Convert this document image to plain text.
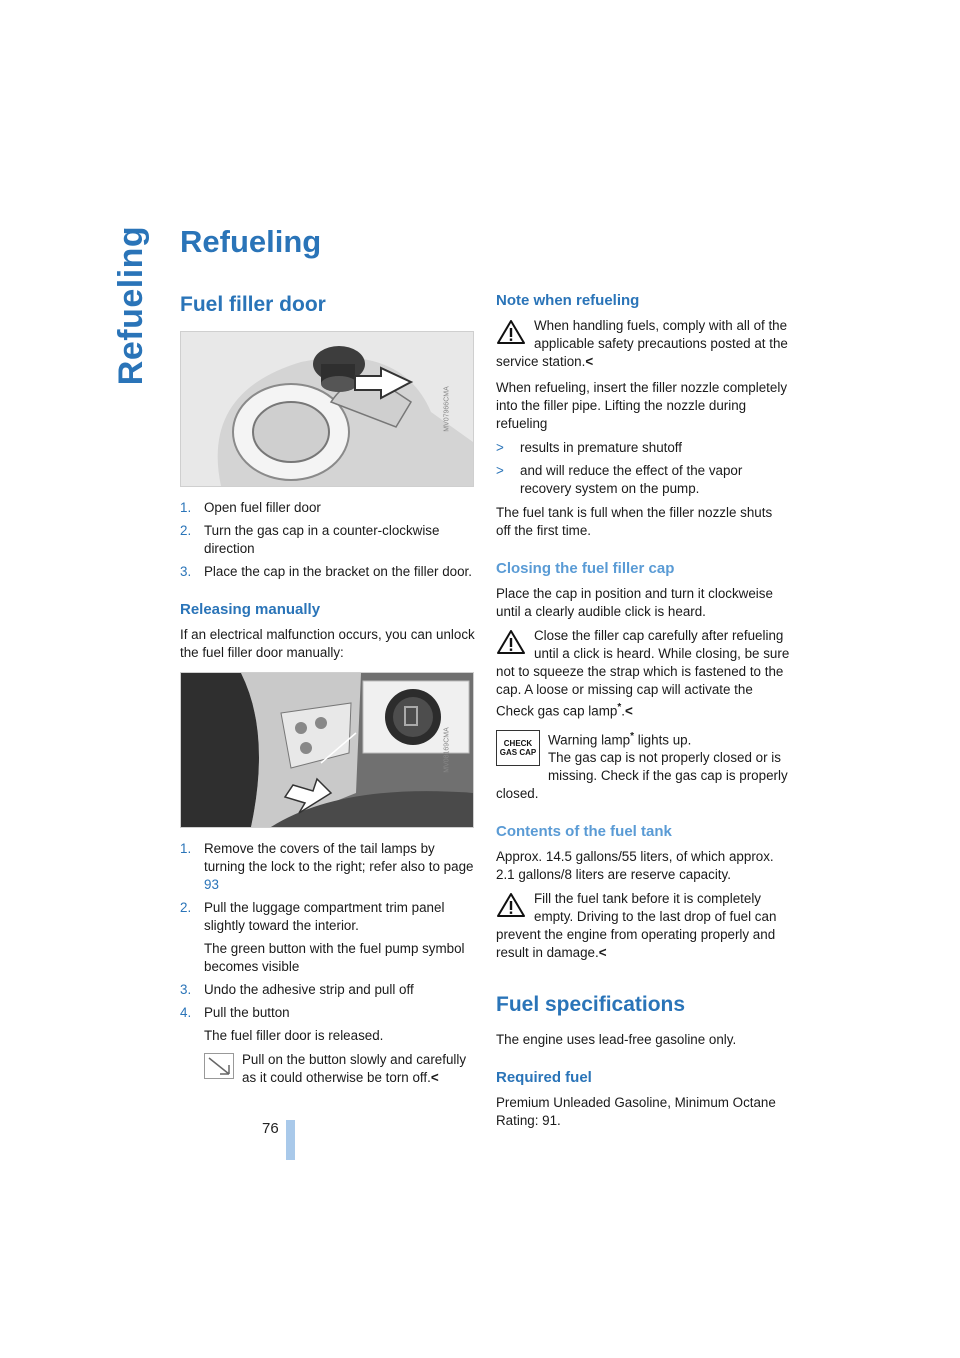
Refueling Refueling
Fuel filler door
MV07966CMA
1. Open fuel filler door
2. Turn the gas cap in a counter-clockwise direction
3. Place the cap in the bracket on the filler door.
Releasing manually

If an electrical malfunction occurs, you can unlock the fuel filler door manually:

MV08169CMA
1. Remove the covers of the tail lamps by turning the lock to the right; refer also to page 93
2. Pull the luggage compartment trim panel slightly toward the interior.
The green button with the fuel pump symbol becomes visible
3. Undo the adhesive strip and pull off
4. Pull the button
The fuel filler door is released.
Pull on the button slowly and carefully as it could otherwise be torn off.<
Note when refueling
When handling fuels, comply with all of the applicable safety precautions posted at the service station.<

When refueling, insert the filler nozzle completely into the filler pipe. Lifting the nozzle during refueling

> results in premature shutoff
> and will reduce the effect of the vapor recovery system on the pump.

The fuel tank is full when the filler nozzle shuts off the first time.

Closing the fuel filler cap

Place the cap in position and turn it clockweise until a clearly audible click is heard.

Close the filler cap carefully after refueling until a click is heard. While closing, be sure not to squeeze the strap which is fastened to the cap. A loose or missing cap will activate the Check gas cap lamp*.<
CHECK
GAS CAP
Warning lamp* lights up.
The gas cap is not properly closed or is missing. Check if the gas cap is properly closed.
Contents of the fuel tank

Approx. 14.5 gallons/55 liters, of which approx. 2.1 gallons/8 liters are reserve capacity.

Fill the fuel tank before it is completely empty. Driving to the last drop of fuel can prevent the engine from operating properly and result in damage.<
Fuel specifications

The engine uses lead-free gasoline only.

Required fuel

Premium Unleaded Gasoline, Minimum Octane Rating: 91.

76
